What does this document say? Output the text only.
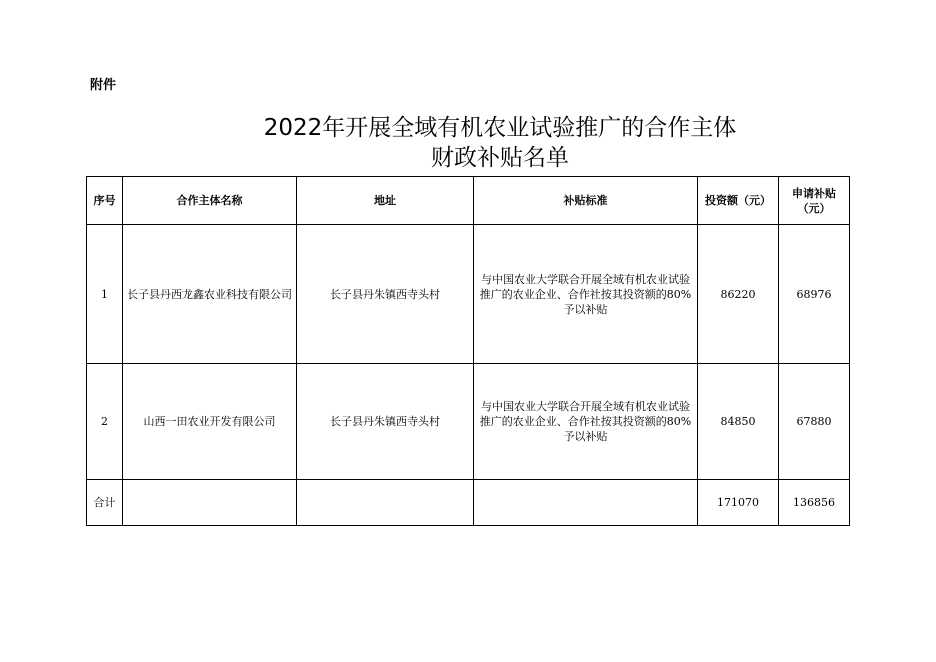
附件
2022年开展全域有机农业试验推广的合作主体
财政补贴名单
序号	合作主体名称	地址	补贴标准	投资额（元）	申请补贴（元）
1	长子县丹西龙鑫农业科技有限公司	长子县丹朱镇西寺头村	与中国农业大学联合开展全域有机农业试验推广的农业企业、合作社按其投资额的80%予以补贴	86220	68976
2	山西一田农业开发有限公司	长子县丹朱镇西寺头村	与中国农业大学联合开展全域有机农业试验推广的农业企业、合作社按其投资额的80%予以补贴	84850	67880
合计				171070	136856
